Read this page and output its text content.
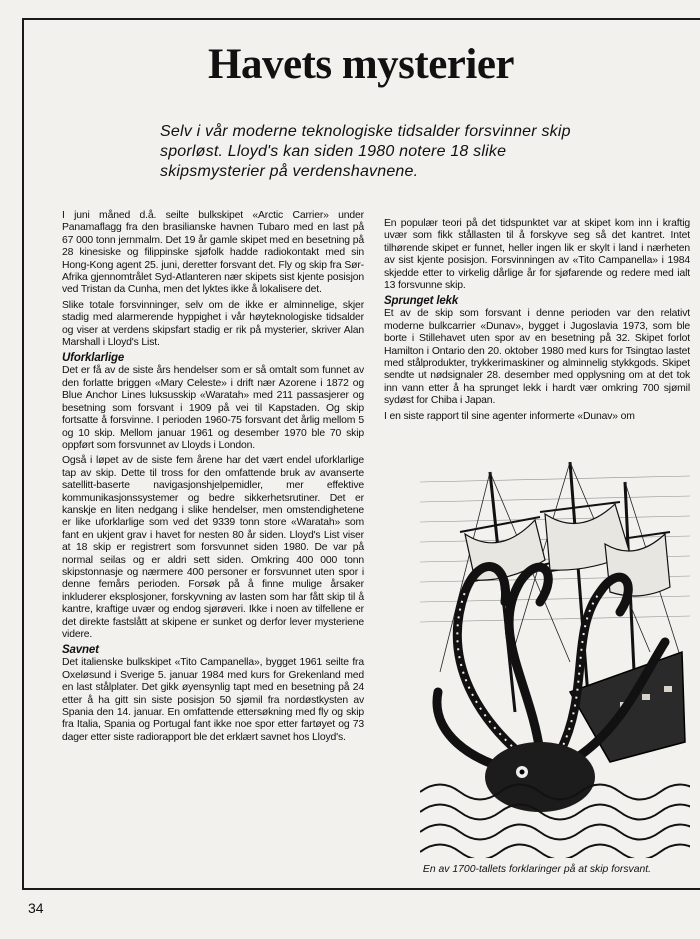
Havets mysterier

Selv i vår moderne teknologiske tidsalder forsvinner skip sporløst. Lloyd's kan siden 1980 notere 18 slike skipsmysterier på verdenshavnene.

I juni måned d.å. seilte bulkskipet «Arctic Carrier» under Panamaflagg fra den brasilianske havnen Tubaro med en last på 67 000 tonn jernmalm. Det 19 år gamle skipet med en besetning på 28 kinesiske og filippinske sjøfolk hadde radiokontakt med sin Hong-Kong agent 25. juni, deretter forsvant det. Fly og skip fra Sør-Afrika gjennomtrålet Syd-Atlanteren nær skipets sist kjente posisjon ved Tristan da Cunha, men det lyktes ikke å lokalisere det.

Slike totale forsvinninger, selv om de ikke er alminnelige, skjer stadig med alarmerende hyppighet i vår høyteknologiske tidsalder og viser at verdens skipsfart stadig er rik på mysterier, skriver Alan Marshall i Lloyd's List.

Uforklarlige

Det er få av de siste års hendelser som er så omtalt som funnet av den forlatte briggen «Mary Celeste» i drift nær Azorene i 1872 og Blue Anchor Lines luksusskip «Waratah» med 211 passasjerer og besetning som forsvant i 1909 på vei til Kapstaden. Og skip fortsatte å forsvinne. I perioden 1960-75 forsvant det årlig mellom 5 og 10 skip. Mellom januar 1961 og desember 1970 ble 70 skip oppført som forsvunnet av Lloyds i London.

Også i løpet av de siste fem årene har det vært endel uforklarlige tap av skip. Dette til tross for den omfattende bruk av avanserte satellitt-baserte navigasjonshjelpemidler, mer effektive kommunikasjonssystemer og bedre sikkerhetsrutiner. Det er kanskje en liten nedgang i slike hendelser, men omstendighetene er like uforklarlige som ved det 9339 tonn store «Waratah» som fant en ukjent grav i havet for nesten 80 år siden. Lloyd's List viser at 18 skip er registrert som forsvunnet siden 1980. De var på normal seilas og er aldri sett siden. Omkring 400 000 tonn skipstonnasje og nærmere 400 personer er forsvunnet uten spor i denne femårs perioden. Forsøk på å finne mulige årsaker inkluderer eksplosjoner, forskyvning av lasten som har fått skip til å kantre, kraftige uvær og endog sjørøveri. Ikke i noen av tilfellene er det direkte fastslått at skipene er sunket og derfor lever mysteriene videre.

Savnet

Det italienske bulkskipet «Tito Campanella», bygget 1961 seilte fra Oxeløsund i Sverige 5. januar 1984 med kurs for Grekenland med en last stålplater. Det gikk øyensynlig tapt med en besetning på 24 etter å ha gitt sin siste posisjon 50 sjømil fra nordøstkysten av Spania den 14. januar. En omfattende ettersøkning med fly og skip fra Italia, Spania og Portugal fant ikke noe spor etter fartøyet og 73 dager etter siste radiorapport ble det erklært savnet hos Lloyd's.

En populær teori på det tidspunktet var at skipet kom inn i kraftig uvær som fikk stållasten til å forskyve seg så det kantret. Intet tilhørende skipet er funnet, heller ingen lik er skylt i land i nærheten av sist kjente posisjon. Forsvinningen av «Tito Campanella» i 1984 skjedde etter to virkelig dårlige år for sjøfarende og redere med ialt 13 forsvunne skip.

Sprunget lekk

Et av de skip som forsvant i denne perioden var den relativt moderne bulkcarrier «Dunav», bygget i Jugoslavia 1973, som ble borte i Stillehavet uten spor av en besetning på 32. Skipet forlot Hamilton i Ontario den 20. oktober 1980 med kurs for Tsingtao lastet med stålprodukter, trykkerimaskiner og alminnelig stykkgods. Skipet sendte ut nødsignaler 28. desember med opplysning om at det tok inn vann etter å ha sprunget lekk i hardt vær omkring 700 sjømil sydøst for Chiba i Japan.

I en siste rapport til sine agenter informerte «Dunav» om

En av 1700-tallets forklaringer på at skip forsvant.

34
